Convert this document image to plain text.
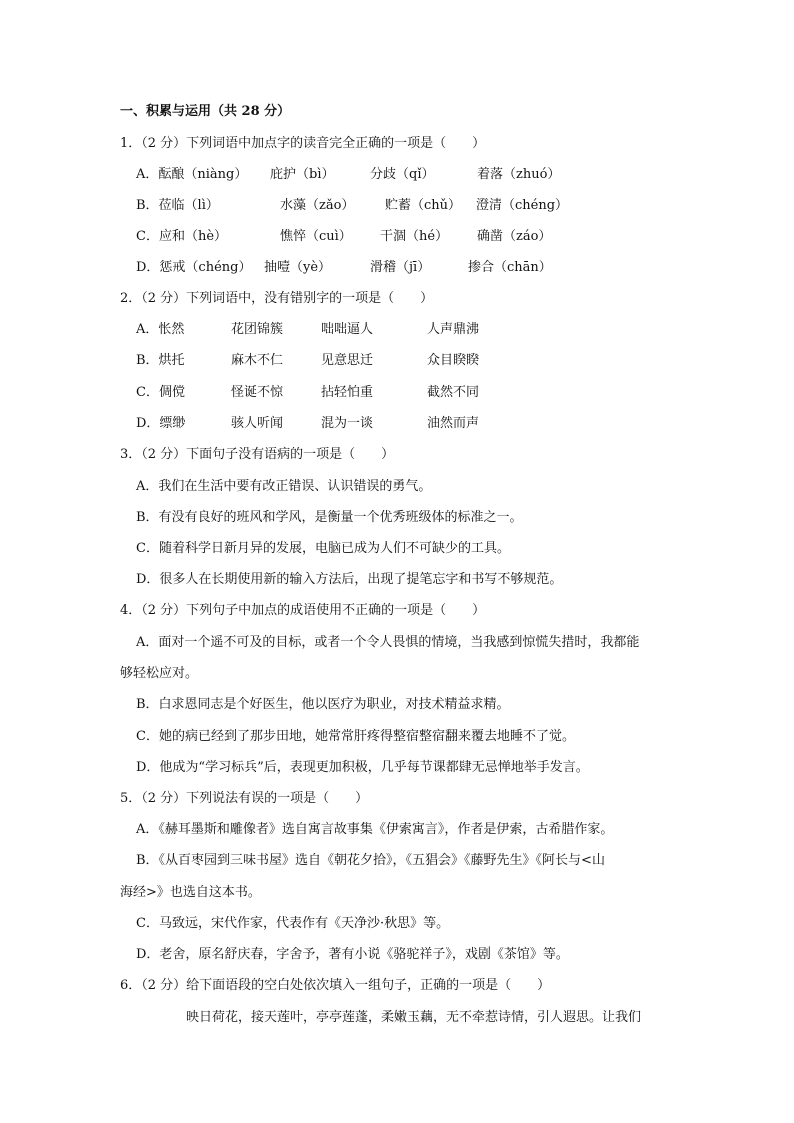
一、积累与运用（共 28 分）
1．（2 分）下列词语中加点字的读音完全正确的一项是（　　）
A．酝酿（niàng） 庇护（bì）	分歧（qǐ）	着落（zhuó）
B．莅临（lì）	水藻（zǎo） 贮蓄（chǔ） 澄清（chéng）
C．应和（hè）	憔悴（cuì） 干涸（hé） 确凿（záo）
D．惩戒（chéng） 抽噎（yè）	滑稽（jī）	掺合（chān）
2．（2 分）下列词语中，没有错别字的一项是（　　）
A．怅然	花团锦簇	咄咄逼人	人声鼎沸
B．烘托	麻木不仁	见意思迁	众目睽睽
C．倜傥	怪诞不惊	拈轻怕重	截然不同
D．缥缈	骇人听闻	混为一谈	油然而声
3．（2 分）下面句子没有语病的一项是（　　）
A．我们在生活中要有改正错误、认识错误的勇气。
B．有没有良好的班风和学风，是衡量一个优秀班级体的标准之一。
C．随着科学日新月异的发展，电脑已成为人们不可缺少的工具。
D．很多人在长期使用新的输入方法后，出现了提笔忘字和书写不够规范。
4．（2 分）下列句子中加点的成语使用不正确的一项是（　　）
A．面对一个遥不可及的目标，或者一个令人畏惧的情境，当我感到惊慌失措时，我都能
够轻松应对。
B．白求恩同志是个好医生，他以医疗为职业，对技术精益求精。
C．她的病已经到了那步田地，她常常肝疼得整宿整宿翻来覆去地睡不了觉。
D．他成为“学习标兵”后，表现更加积极，几乎每节课都肆无忌惮地举手发言。
5．（2 分）下列说法有误的一项是（　　）
A．《赫耳墨斯和雕像者》选自寓言故事集《伊索寓言》，作者是伊索，古希腊作家。
B．《从百枣园到三味书屋》选自《朝花夕拾》，《五猖会》《藤野先生》《阿长与<山
海经>》也选自这本书。
C．马致远，宋代作家，代表作有《天净沙·秋思》等。
D．老舍，原名舒庆春，字舍予，著有小说《骆驼祥子》，戏剧《茶馆》等。
6．（2 分）给下面语段的空白处依次填入一组句子，正确的一项是（　　）
映日荷花，接天莲叶，亭亭莲蓬，柔嫩玉藕，无不牵惹诗情，引人遐思。让我们
